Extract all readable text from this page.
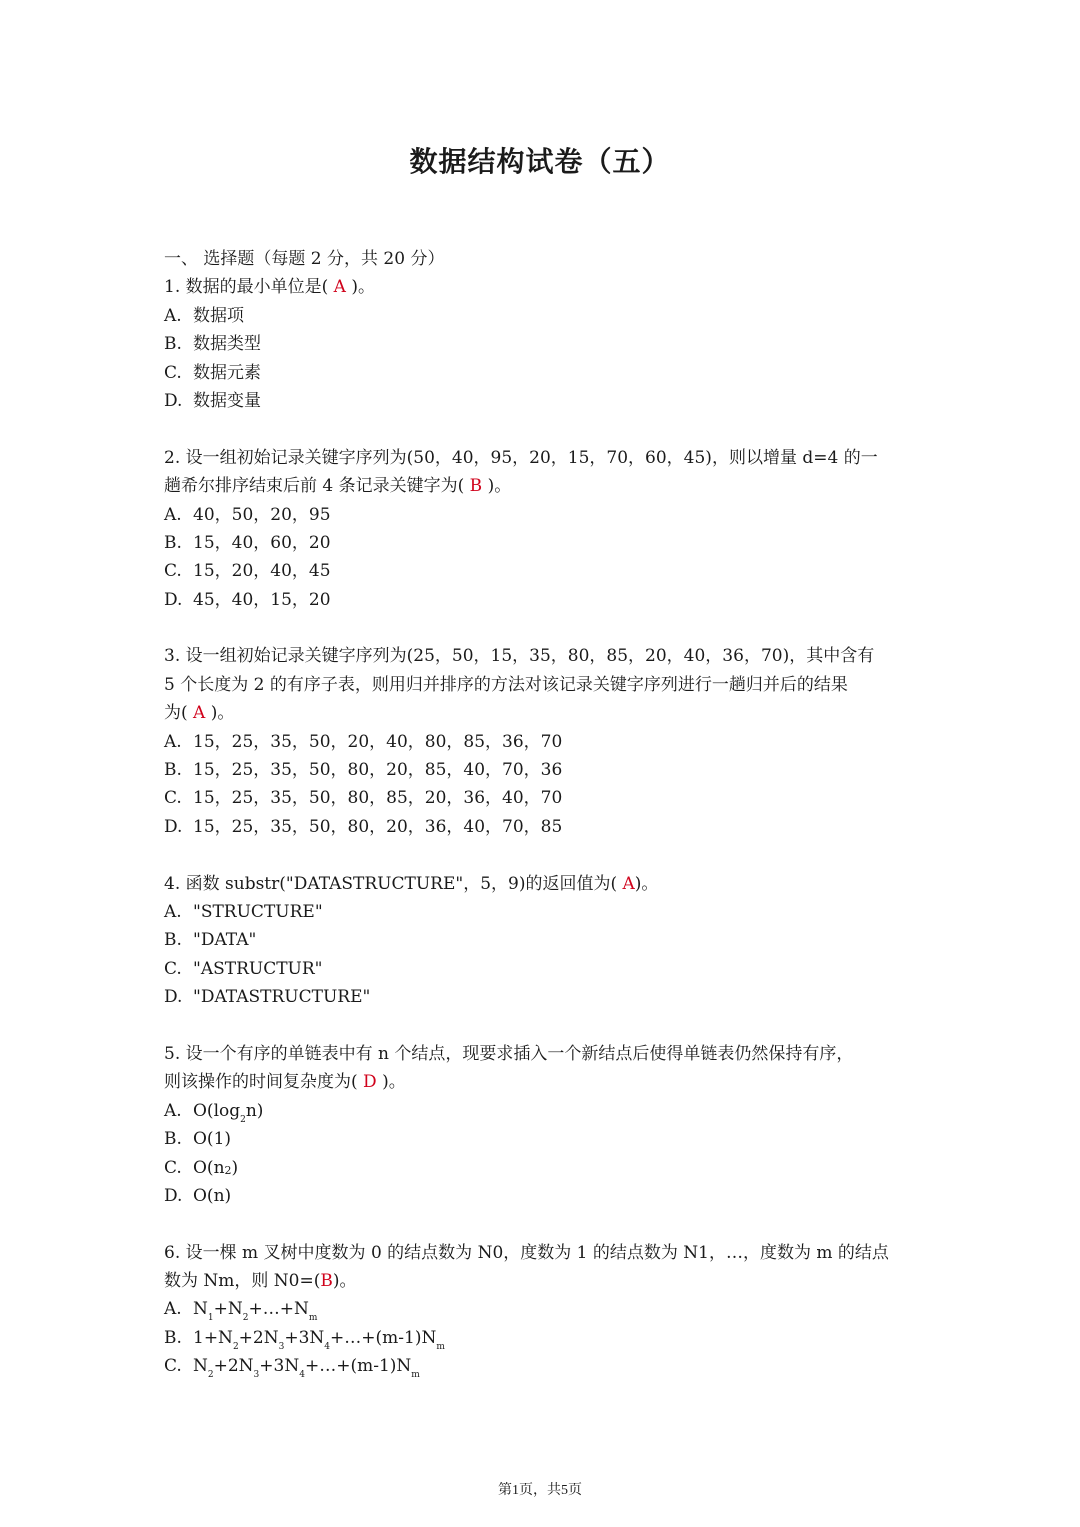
数据结构试卷（五）
一、 选择题（每题 2 分，共 20 分）
1. 数据的最小单位是( A )。
A. 数据项
B. 数据类型
C. 数据元素
D. 数据变量
2. 设一组初始记录关键字序列为(50，40，95，20，15，70，60，45)，则以增量 d=4 的一
趟希尔排序结束后前 4 条记录关键字为( B )。
A. 40，50，20，95
B. 15，40，60，20
C. 15，20，40，45
D. 45，40，15，20
3. 设一组初始记录关键字序列为(25，50，15，35，80，85，20，40，36，70)，其中含有
5 个长度为 2 的有序子表，则用归并排序的方法对该记录关键字序列进行一趟归并后的结果
为( A )。
A. 15，25，35，50，20，40，80，85，36，70
B. 15，25，35，50，80，20，85，40，70，36
C. 15，25，35，50，80，85，20，36，40，70
D. 15，25，35，50，80，20，36，40，70，85
4. 函数 substr("DATASTRUCTURE"，5，9)的返回值为( A)。
A. "STRUCTURE"
B. "DATA"
C. "ASTRUCTUR"
D. "DATASTRUCTURE"
5. 设一个有序的单链表中有 n 个结点，现要求插入一个新结点后使得单链表仍然保持有序，
则该操作的时间复杂度为( D )。
A. $O(\log_2n)$
B. O(1)
C. $O(n^2)$
D. O(n)
6. 设一棵 m 叉树中度数为 0 的结点数为 N0，度数为 1 的结点数为 N1，…，度数为 m 的结点
数为 Nm，则 N0=(B)。
A. $N_1+N_2+\dots+N_m$
B. $1+N_2+2N_3+3N_4+\dots+(m-1)N_m$
C. $N_2+2N_3+3N_4+\dots+(m-1)N_m$
第1页，共5页
